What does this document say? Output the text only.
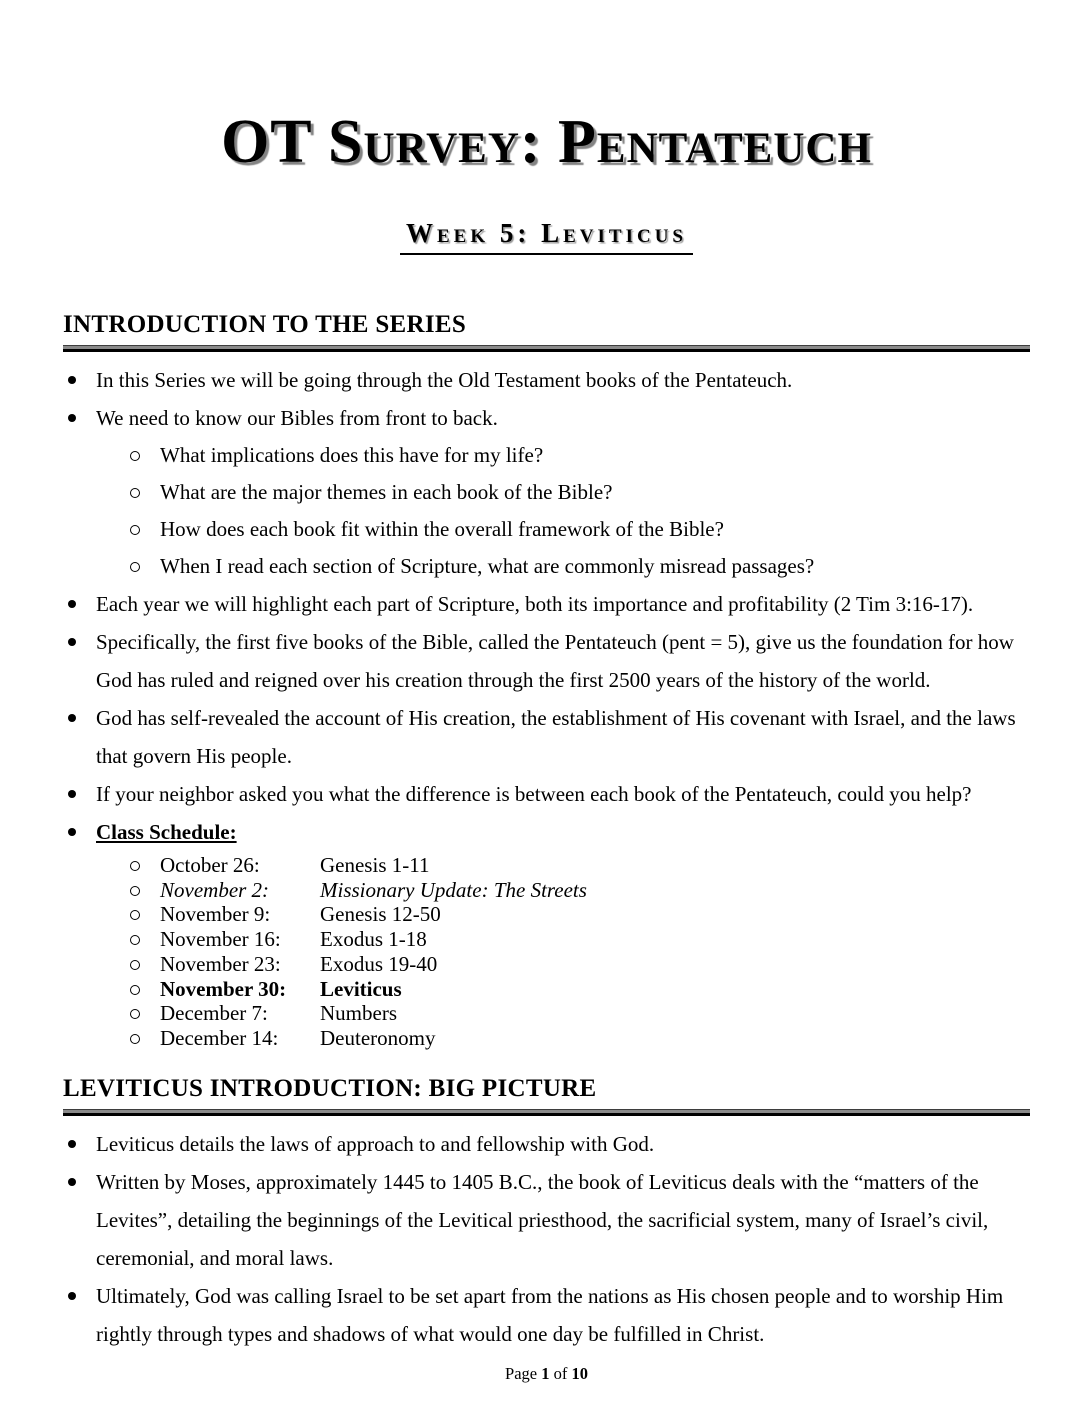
OT Survey: Pentateuch
Week 5: Leviticus
INTRODUCTION TO THE SERIES
In this Series we will be going through the Old Testament books of the Pentateuch.
We need to know our Bibles from front to back.
What implications does this have for my life?
What are the major themes in each book of the Bible?
How does each book fit within the overall framework of the Bible?
When I read each section of Scripture, what are commonly misread passages?
Each year we will highlight each part of Scripture, both its importance and profitability (2 Tim 3:16-17).
Specifically, the first five books of the Bible, called the Pentateuch (pent = 5), give us the foundation for how God has ruled and reigned over his creation through the first 2500 years of the history of the world.
God has self-revealed the account of His creation, the establishment of His covenant with Israel, and the laws that govern His people.
If your neighbor asked you what the difference is between each book of the Pentateuch, could you help?
Class Schedule:
October 26:	Genesis 1-11
November 2:	Missionary Update: The Streets
November 9:	Genesis 12-50
November 16:	Exodus 1-18
November 23:	Exodus 19-40
November 30:	Leviticus
December 7:	Numbers
December 14:	Deuteronomy
LEVITICUS INTRODUCTION: BIG PICTURE
Leviticus details the laws of approach to and fellowship with God.
Written by Moses, approximately 1445 to 1405 B.C., the book of Leviticus deals with the “matters of the Levites”, detailing the beginnings of the Levitical priesthood, the sacrificial system, many of Israel’s civil, ceremonial, and moral laws.
Ultimately, God was calling Israel to be set apart from the nations as His chosen people and to worship Him rightly through types and shadows of what would one day be fulfilled in Christ.
Page 1 of 10
